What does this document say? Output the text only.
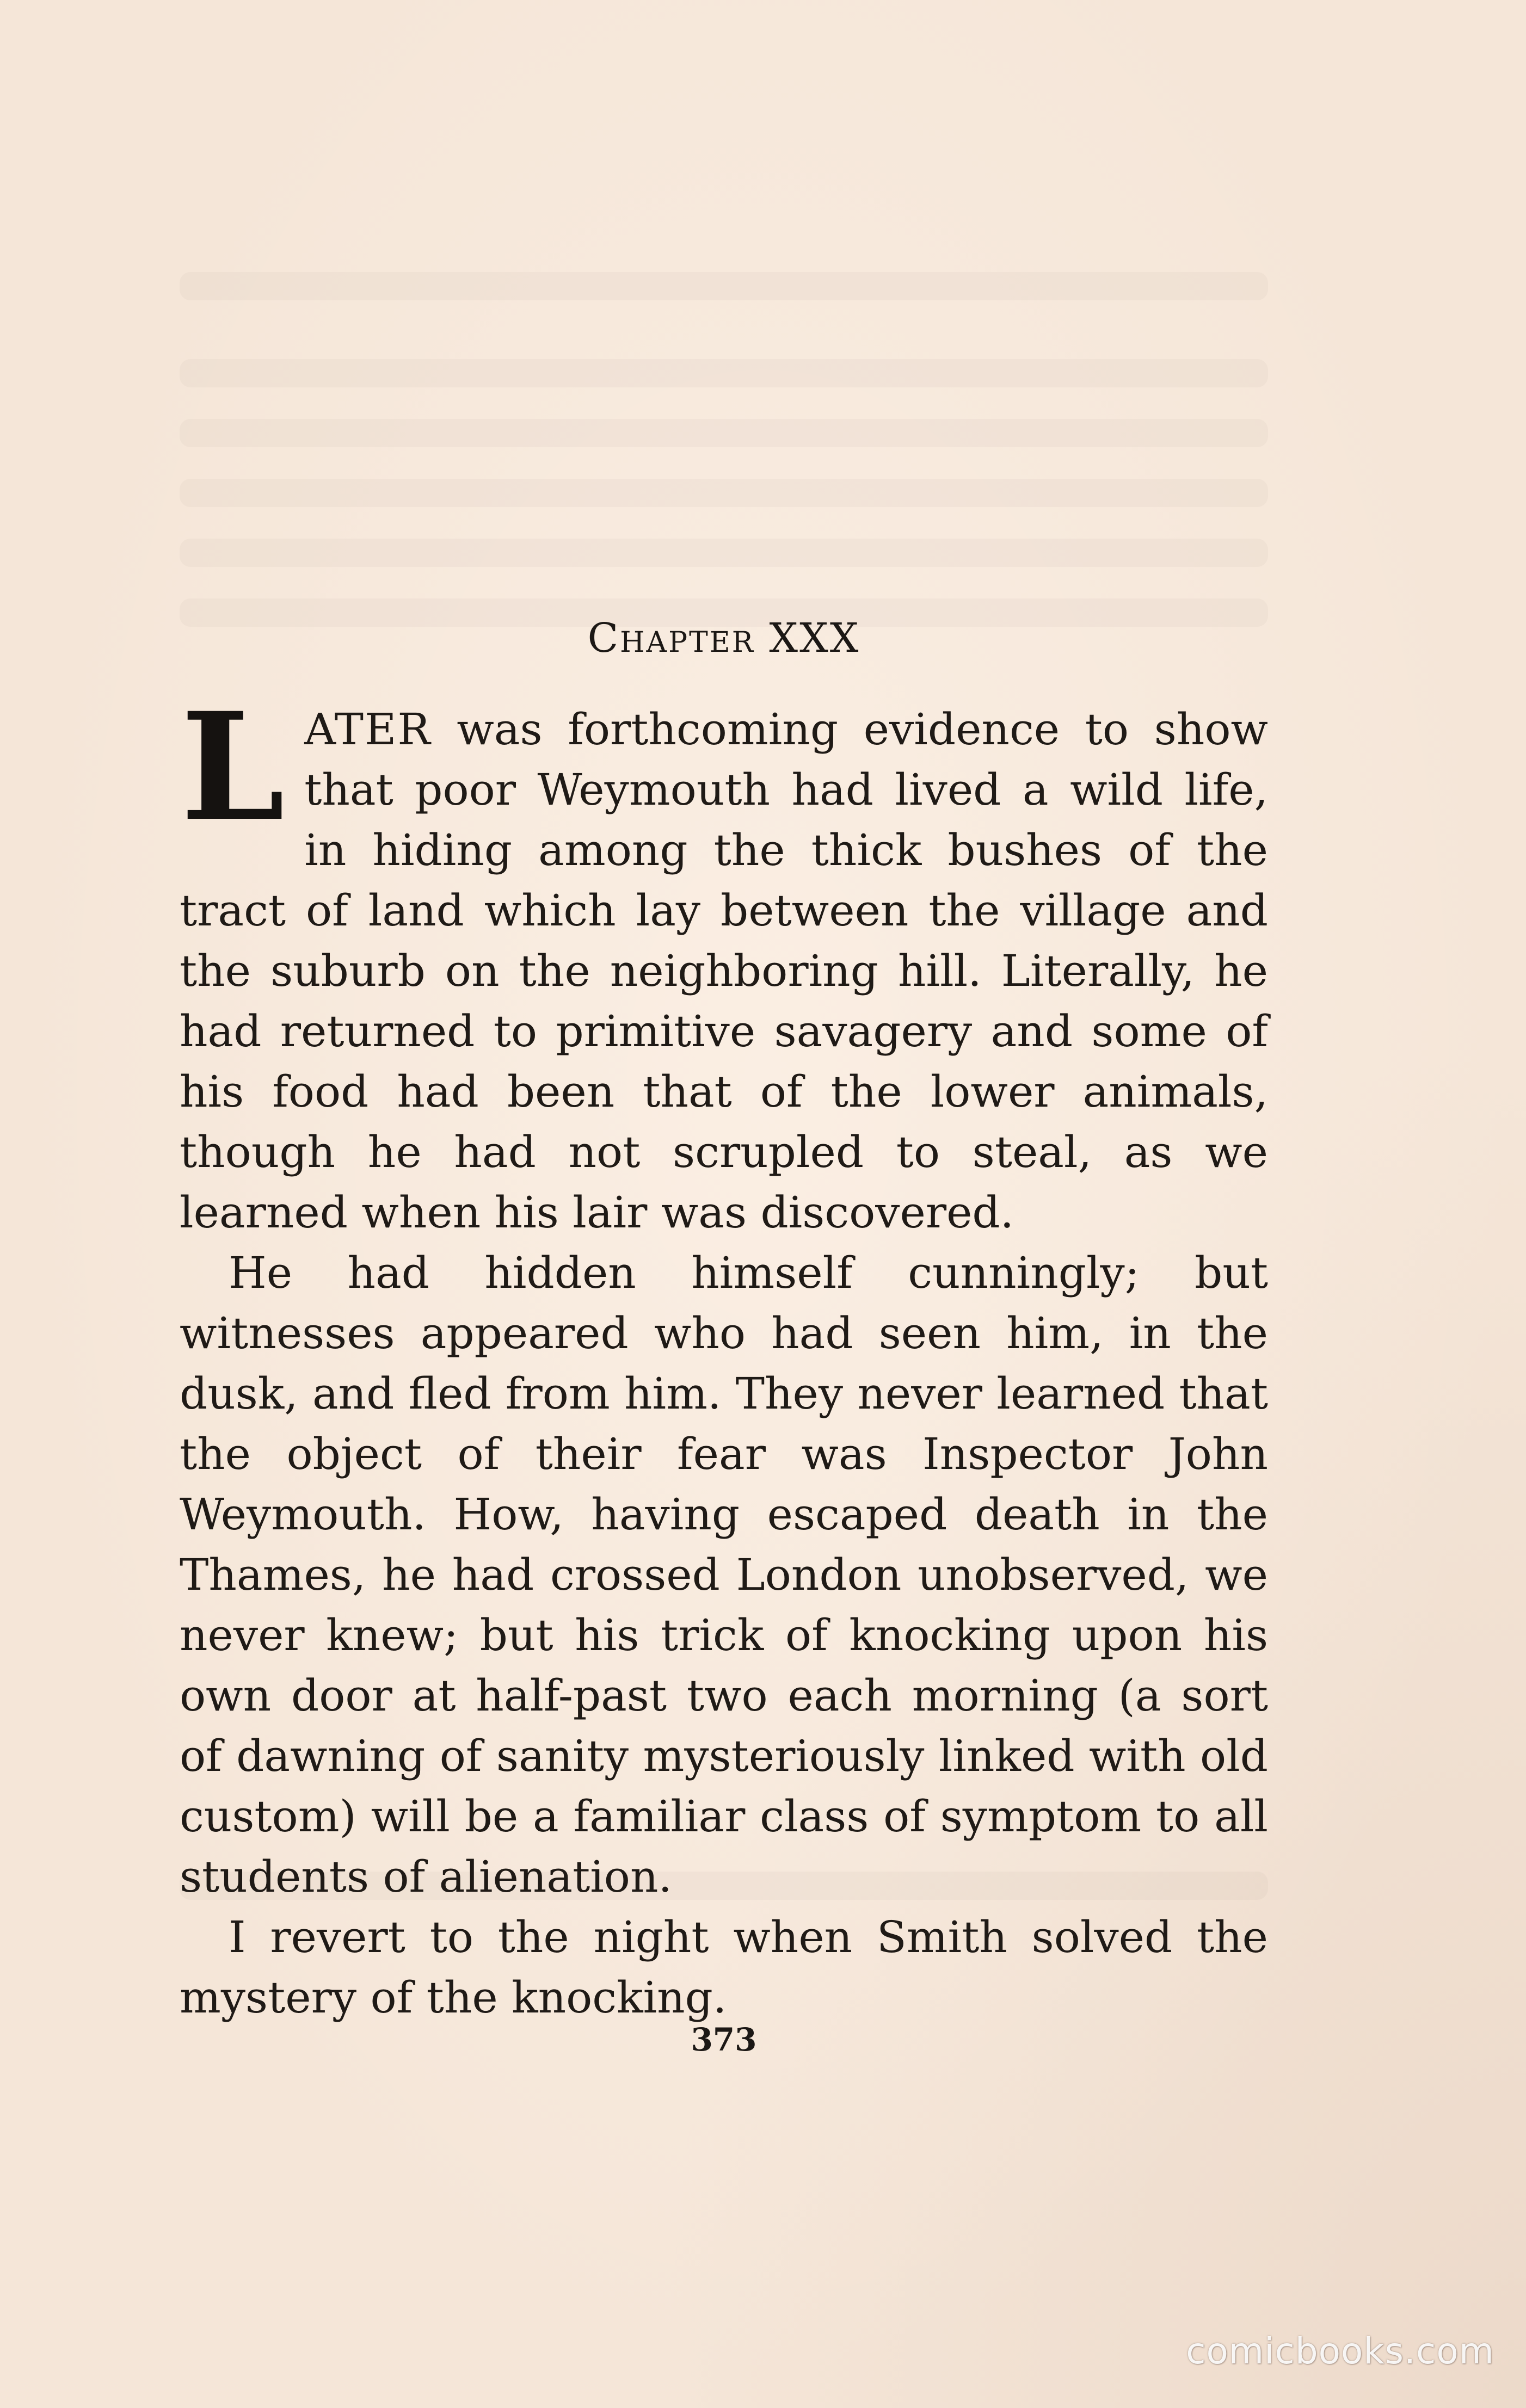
Chapter XXX

LATER was forthcoming evidence to show that poor Weymouth had lived a wild life, in hiding among the thick bushes of the tract of land which lay between the village and the suburb on the neighboring hill. Literally, he had returned to primitive savagery and some of his food had been that of the lower animals, though he had not scrupled to steal, as we learned when his lair was discovered.

He had hidden himself cunningly; but witnesses appeared who had seen him, in the dusk, and fled from him. They never learned that the object of their fear was Inspector John Weymouth. How, having escaped death in the Thames, he had crossed London unobserved, we never knew; but his trick of knocking upon his own door at half-past two each morning (a sort of dawning of sanity mysteriously linked with old custom) will be a familiar class of symptom to all students of alienation.

I revert to the night when Smith solved the mystery of the knocking.

373
comicbooks.com
